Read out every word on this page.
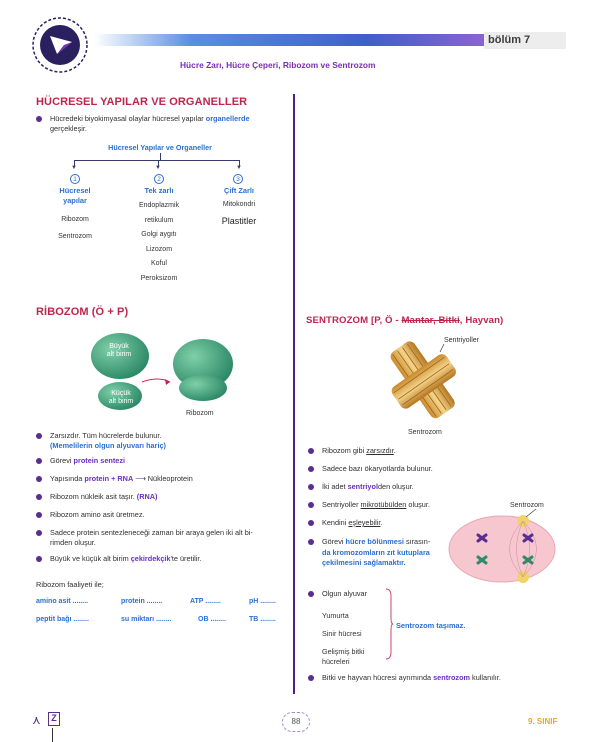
bölüm 7
Hücre Zarı, Hücre Çeperi, Ribozom ve Sentrozom
HÜCRESEL YAPILAR VE ORGANELLER
Hücredeki biyokimyasal olaylar hücresel yapılar organellerde
gerçekleşir.
Hücresel Yapılar ve Organeller
▼	▼	▼
1
Hücresel
yapılar
Ribozom
Sentrozom
2
Tek zarlı
Endoplazmik
retikulum
Golgi aygıtı
Lizozom
Koful
Peroksizom
3
Çift Zarlı
Mitokondri
Plastitler
RİBOZOM (Ö + P)
Büyük
alt birim
Küçük
alt birim
Ribozom
Zarsızdır. Tüm hücrelerde bulunur.
(Memelilerin olgun alyuvarı hariç)
Görevi protein sentezi
Yapısında protein + RNA ⟶ Nükleoprotein
Ribozom nükleik asit taşır. (RNA)
Ribozom amino asit üretmez.
Sadece protein sentezleneceği zaman bir araya gelen iki alt bi-
rimden oluşur.
Büyük ve küçük alt birim çekirdekçik'te üretilir.
Ribozom faaliyeti ile;
amino asit ........	protein ........	ATP ........	pH ........
peptit bağı ........	su miktarı ........	OB ........	TB ........
SENTROZOM [P, Ö - Mantar, Bitki, Hayvan)
Sentriyoller
Sentrozom
Ribozom gibi zarsızdır.
Sadece bazı ökaryotlarda bulunur.
İki adet sentriyolden oluşur.
Sentriyoller mikrotübülden oluşur.
Kendini eşleyebilir.
Sentrozom
Görevi hücre bölünmesi sırasın-
da kromozomların zıt kutuplara
çekilmesini sağlamaktır.
Olgun alyuvar
Yumurta
Sinir hücresi
Gelişmiş bitki
hücreleri
Sentrozom taşımaz.
Bitki ve hayvan hücresi ayrımında sentrozom kullanılır.
⋏	Z	88	9. SINIF
